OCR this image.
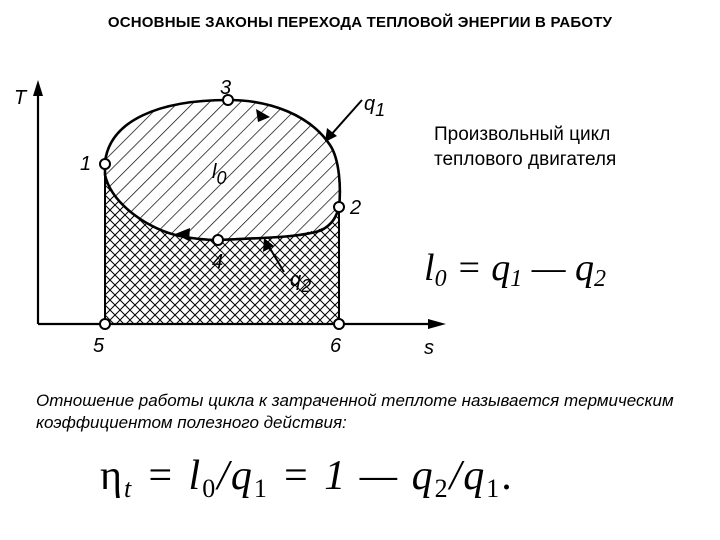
ОСНОВНЫЕ ЗАКОНЫ ПЕРЕХОДА ТЕПЛОВОЙ ЭНЕРГИИ В РАБОТУ
T
s
1
2
3
4
5	6
l0
q1
q2
Произвольный цикл
теплового двигателя
$l_0 = q_1$ — $q_2$
Отношение работы цикла к затраченной теплоте называется термическим коэффициентом полезного действия:
$\eta_t = l_0/q_1 = 1$ — $q_2/q_1$.
